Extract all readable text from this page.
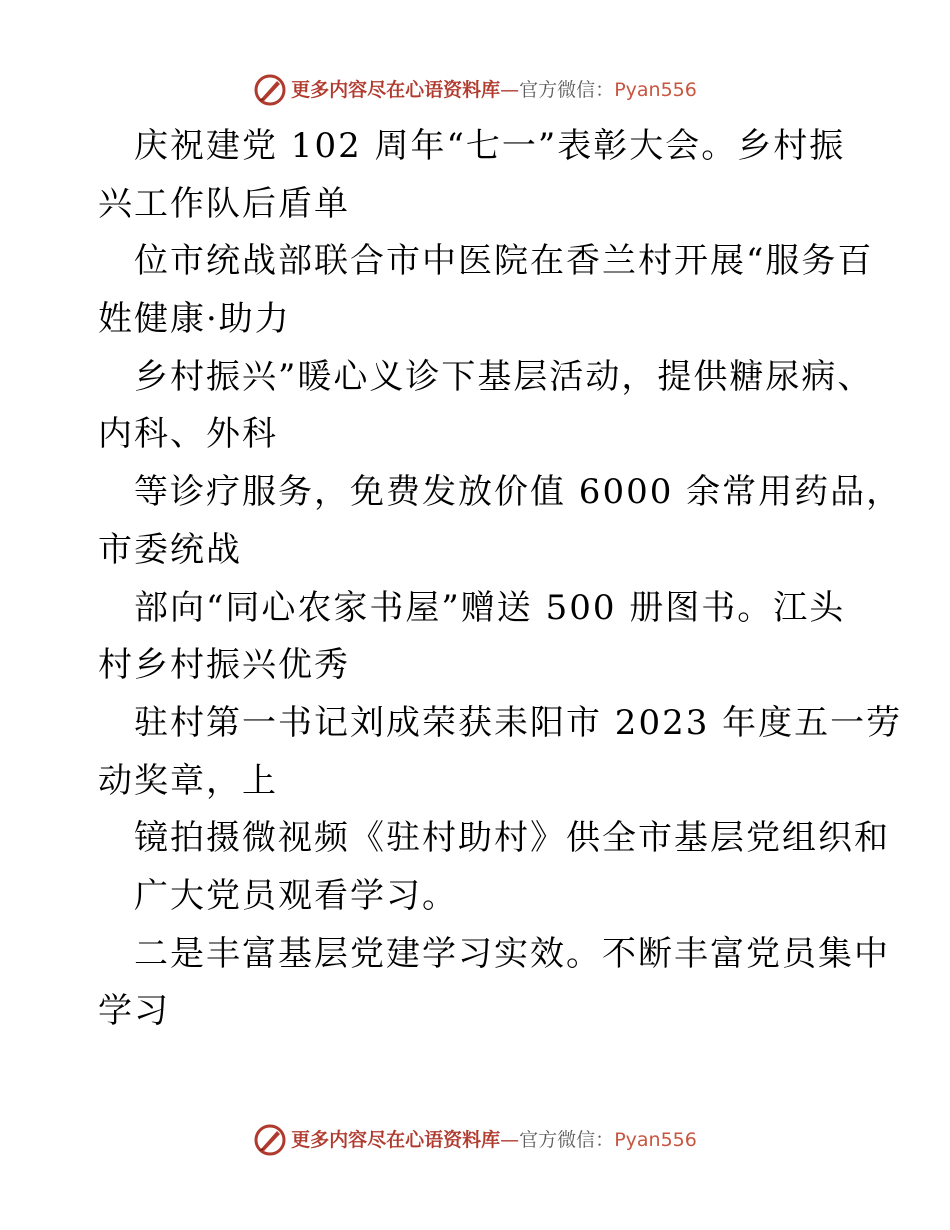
更多内容尽在心语资料库—官方微信：Pyan556
庆祝建党 102 周年“七一”表彰大会。乡村振
兴工作队后盾单
位市统战部联合市中医院在香兰村开展“服务百
姓健康·助力
乡村振兴”暖心义诊下基层活动，提供糖尿病、
内科、外科
等诊疗服务，免费发放价值 6000 余常用药品，
市委统战
部向“同心农家书屋”赠送 500 册图书。江头
村乡村振兴优秀
驻村第一书记刘成荣获耒阳市 2023 年度五一劳
动奖章，上
镜拍摄微视频《驻村助村》供全市基层党组织和
广大党员观看学习。
二是丰富基层党建学习实效。不断丰富党员集中
学习
更多内容尽在心语资料库—官方微信：Pyan556
